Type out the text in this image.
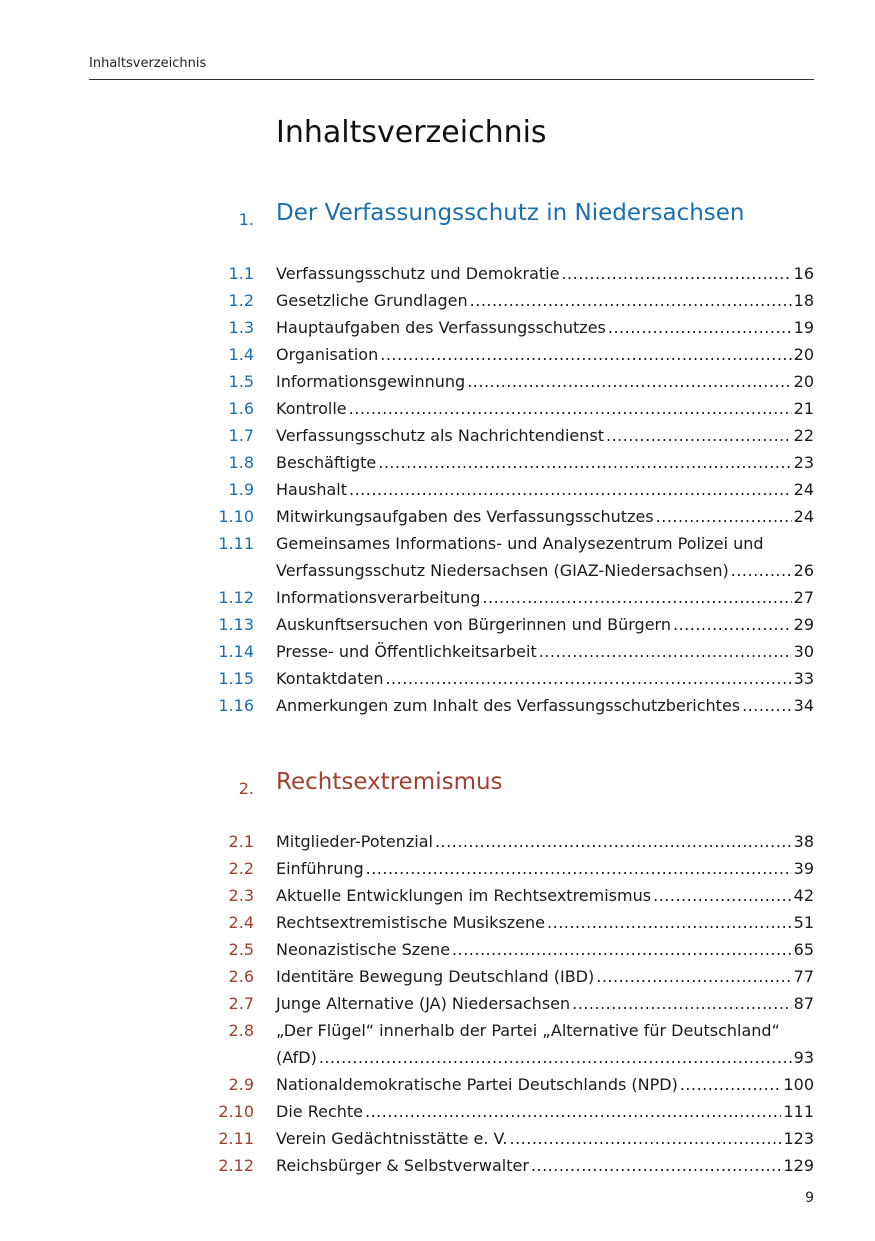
Inhaltsverzeichnis
Inhaltsverzeichnis
1. Der Verfassungsschutz in Niedersachsen
1.1 Verfassungsschutz und Demokratie .....	16
1.2 Gesetzliche Grundlagen .....	18
1.3 Hauptaufgaben des Verfassungsschutzes .....	19
1.4 Organisation .....	20
1.5 Informationsgewinnung .....	20
1.6 Kontrolle .....	21
1.7 Verfassungsschutz als Nachrichtendienst .....	22
1.8 Beschäftigte .....	23
1.9 Haushalt .....	24
1.10 Mitwirkungsaufgaben des Verfassungsschutzes .....	24
1.11 Gemeinsames Informations- und Analysezentrum Polizei und
Verfassungsschutz Niedersachsen (GIAZ-Niedersachsen) .....	26
1.12 Informationsverarbeitung .....	27
1.13 Auskunftsersuchen von Bürgerinnen und Bürgern .....	29
1.14 Presse- und Öffentlichkeitsarbeit .....	30
1.15 Kontaktdaten .....	33
1.16 Anmerkungen zum Inhalt des Verfassungsschutzberichtes .....	34
2. Rechtsextremismus
2.1 Mitglieder-Potenzial .....	38
2.2 Einführung .....	39
2.3 Aktuelle Entwicklungen im Rechtsextremismus .....	42
2.4 Rechtsextremistische Musikszene .....	51
2.5 Neonazistische Szene .....	65
2.6 Identitäre Bewegung Deutschland (IBD) .....	77
2.7 Junge Alternative (JA) Niedersachsen .....	87
2.8 „Der Flügel“ innerhalb der Partei „Alternative für Deutschland“
(AfD) .....	93
2.9 Nationaldemokratische Partei Deutschlands (NPD) .....	100
2.10 Die Rechte .....	111
2.11 Verein Gedächtnisstätte e. V. .....	123
2.12 Reichsbürger & Selbstverwalter .....	129
9
